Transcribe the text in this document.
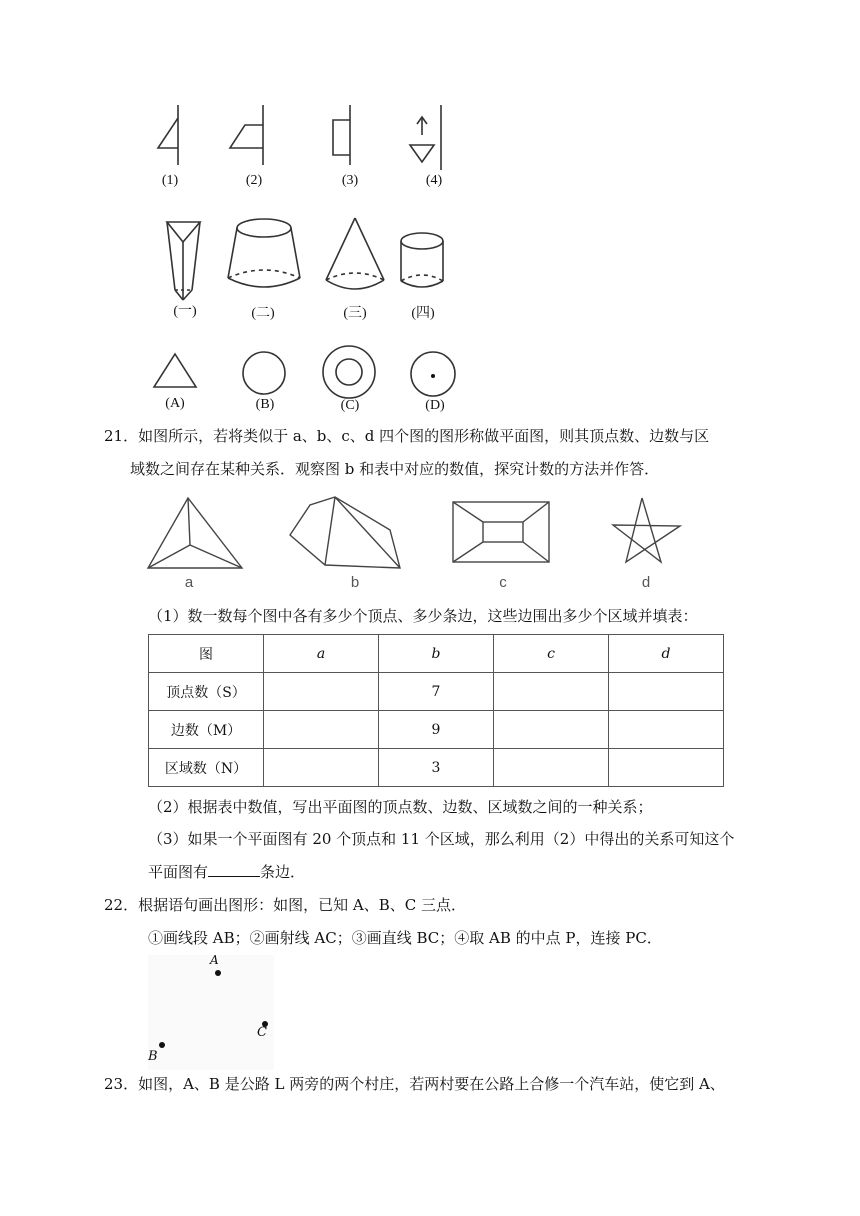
(1)	(2)	(3)	(4)
(一)	(二)	(三)	(四)
(A)	(B)	(C)	(D)
21．如图所示，若将类似于 a、b、c、d 四个图的图形称做平面图，则其顶点数、边数与区
域数之间存在某种关系．观察图 b 和表中对应的数值，探究计数的方法并作答．
a	b	c	d
（1）数一数每个图中各有多少个顶点、多少条边，这些边围出多少个区域并填表：
图	a	b	c	d
顶点数（S）		7		
边数（M）		9		
区域数（N）		3		
（2）根据表中数值，写出平面图的顶点数、边数、区域数之间的一种关系；
（3）如果一个平面图有 20 个顶点和 11 个区域，那么利用（2）中得出的关系可知这个
平面图有	条边．
22．根据语句画出图形：如图，已知 A、B、C 三点．
①画线段 AB；②画射线 AC；③画直线 BC；④取 AB 的中点 P，连接 PC．
A
C
B
23．如图，A、B 是公路 L 两旁的两个村庄，若两村要在公路上合修一个汽车站，使它到 A、
